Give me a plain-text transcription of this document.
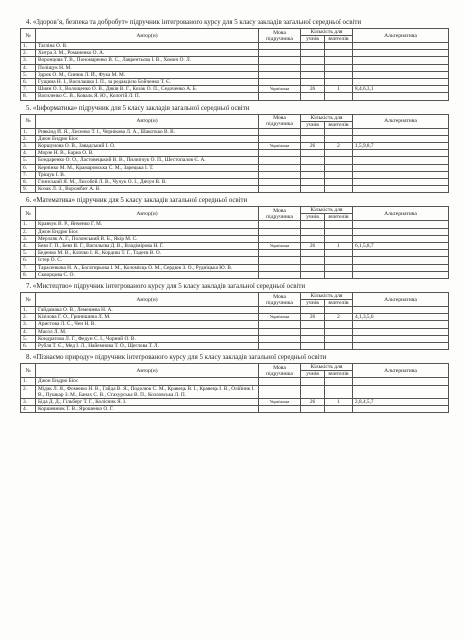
4. «Здоров’я, безпека та добробут» підручник інтегрованого курсу для 5 класу закладів загальної середньої освіти
№	Автор(и)	Мова підручника	Кількість для		Альтернатива
			учнів	вчителів	
1.	Тагліна О. В.				
2.	Хитра З. М., Романенко О. А.				
3.	Воронцова Т. В., Пономаренко В. С., Лаврентьєва І. В., Хомич О. Л.				
4.	Поліщук Н. М.				
5.	Здрок О. М., Синюк Л. Й., Фука М. М.				
6.	Гущина Н. І., Василашко І. П., за редакцією Бойченко Т. Є.				
7.	Шиян О. І., Волощенко О. В., Дяків В. Г., Козак О. П., Седоченко А. Б.	Українська	26	1	8,4,6,3,1
8.	Василенко С. В., Коваль Я. Ю., Колотій Л. П.				
5. «Інформатика» підручник для 5 класу закладів загальної середньої освіти
№	Автор(и)	Мова підручника	Кількість для		Альтернатива
			учнів	вчителів	
1.	Ривкінд Й. Я., Лисенко Т. І., Чернікова Л. А., Шакотько В. В.				
2.	Джон Ендрю Біос				
3.	Коршунова О. В., Завадський І. О.	Українська	26	2	1,5,9,8,7
4.	Морзе Н. В., Барна О. В.				
5.	Бондаренко О. О., Ластовецький В. В., Пилипчук О. П., Шестопалов Є. А.				
6.	Кернінко М. М., Крамаровська С. М., Зарецька І. Т.				
7.	Тріщук І. В.				
8.	Глинський Я. М., Лисобей Л. В., Чучук О. І., Дячун В. В.				
9.	Козак Л. З., Ворожбит А. В.				
6. «Математика» підручник для 5 класу закладів загальної середньої освіти
№	Автор(и)	Мова підручника	Кількість для		Альтернатива
			учнів	вчителів	
1.	Кравчук В. Р., Янченко Г. М.				
2.	Джон Ендрю Біос				
3.	Мерзляк А. Г., Полонський В. Б., Якір М. С.				
4.	Бевз Г. П., Бевз В. Г., Васильєва Д. В., Владімірова Н. Г.	Українська	26	1	6,1,5,8,7
5.	Беденко М. В., Клочко І. Я., Кордиш Т. Г., Тадеєв В. О.				
6.	Істер О. С.				
7.	Тарасенкова Н. А., Богатирьова І. М., Коломієць О. М., Сердюк З. О., Рудніцька Ю. В.				
8.	Скворцова С. О.				
7. «Мистецтво» підручник інтегрованого курсу для 5 класу закладів загальної середньої освіти
№	Автор(и)	Мова підручника	Кількість для		Альтернатива
			учнів	вчителів	
1.	Гайдамака О. В., Лемешева Н. А.				
2.	Кізілова Г. О., Гринишина Л. М.	Українська	26	2	4,1,3,5,6
3.	Аристова Л. С., Чен Н. В.				
4.	Масол Л. М.				
5.	Кондратова Л. Г., Федун С. І., Чорний О. В.				
6.	Рубля Т. Є., Мед І. Л., Найемнова Т. О., Щеглова Т. Л.				
8. «Пізнаємо природу» підручник інтегрованого курсу для 5 класу закладів загальної середньої освіти
№	Автор(и)	Мова підручника	Кількість для		Альтернатива
			учнів	вчителів	
1.	Джон Ендрю Біос				
2.	Мідак Л. Я., Фоменко Н. В., Гайда В. Я., Подолюк С. М., Кравець В. І., Кравець І. В., Олійник І. В., Пушкар З. М., Банах С. В., Стахурська В. П., Козловська Л. П.				
3.	Біда Д. Д., Гільберг Т. Г., Колісник Я. І.	Українська	26	1	2,8,4,5,7
4.	Коршевнюк Т. В., Ярошенко О. Г.				
